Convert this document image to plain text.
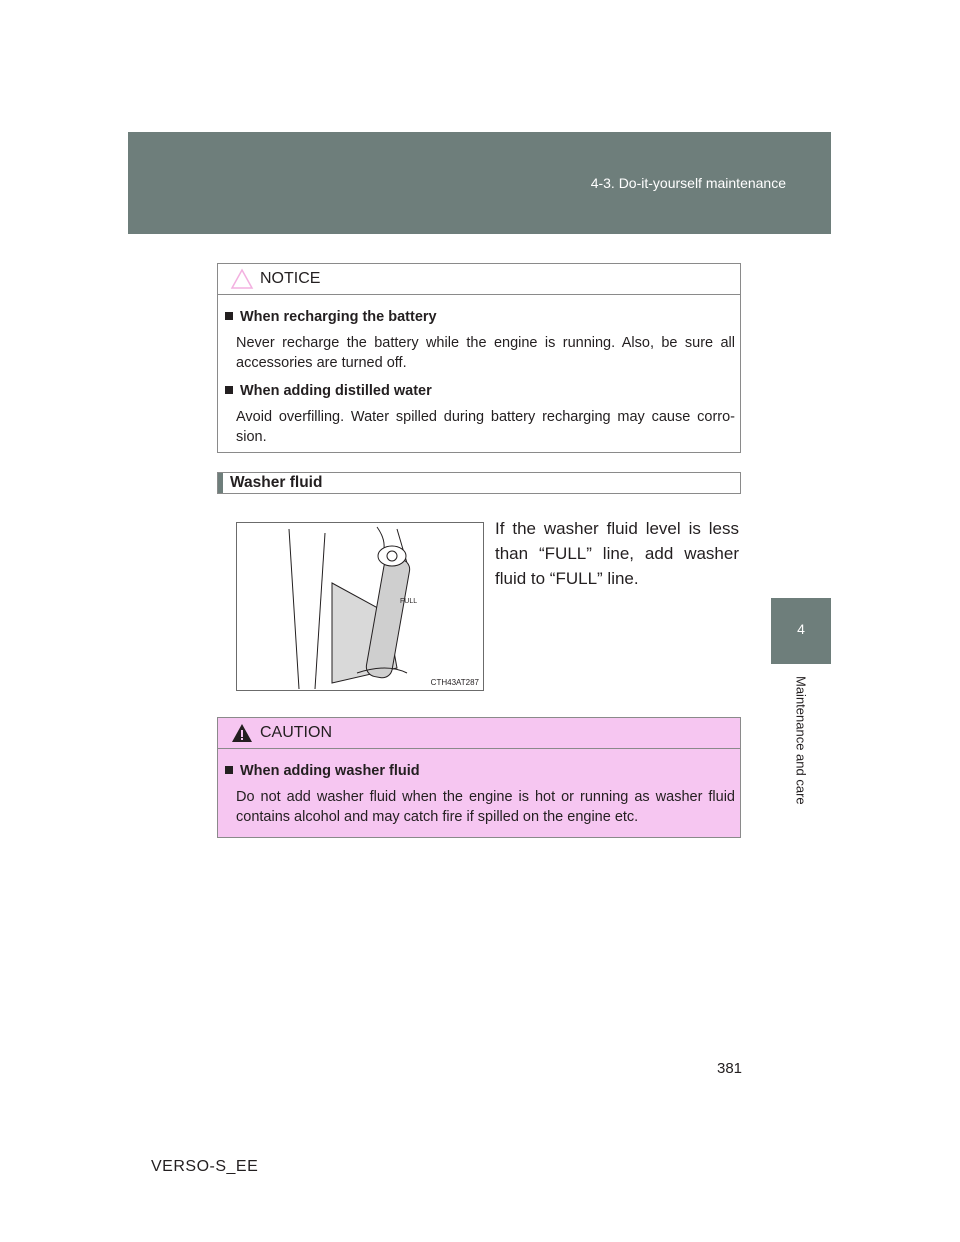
4-3. Do-it-yourself maintenance
4
Maintenance and care
NOTICE
When recharging the battery
Never recharge the battery while the engine is running. Also, be sure all accessories are turned off.
When adding distilled water
Avoid overfilling. Water spilled during battery recharging may cause corro-sion.
Washer fluid
FULL
CTH43AT287
If the washer fluid level is less than “FULL” line, add washer fluid to “FULL” line.
CAUTION
When adding washer fluid
Do not add washer fluid when the engine is hot or running as washer fluid contains alcohol and may catch fire if spilled on the engine etc.
381
VERSO-S_EE
